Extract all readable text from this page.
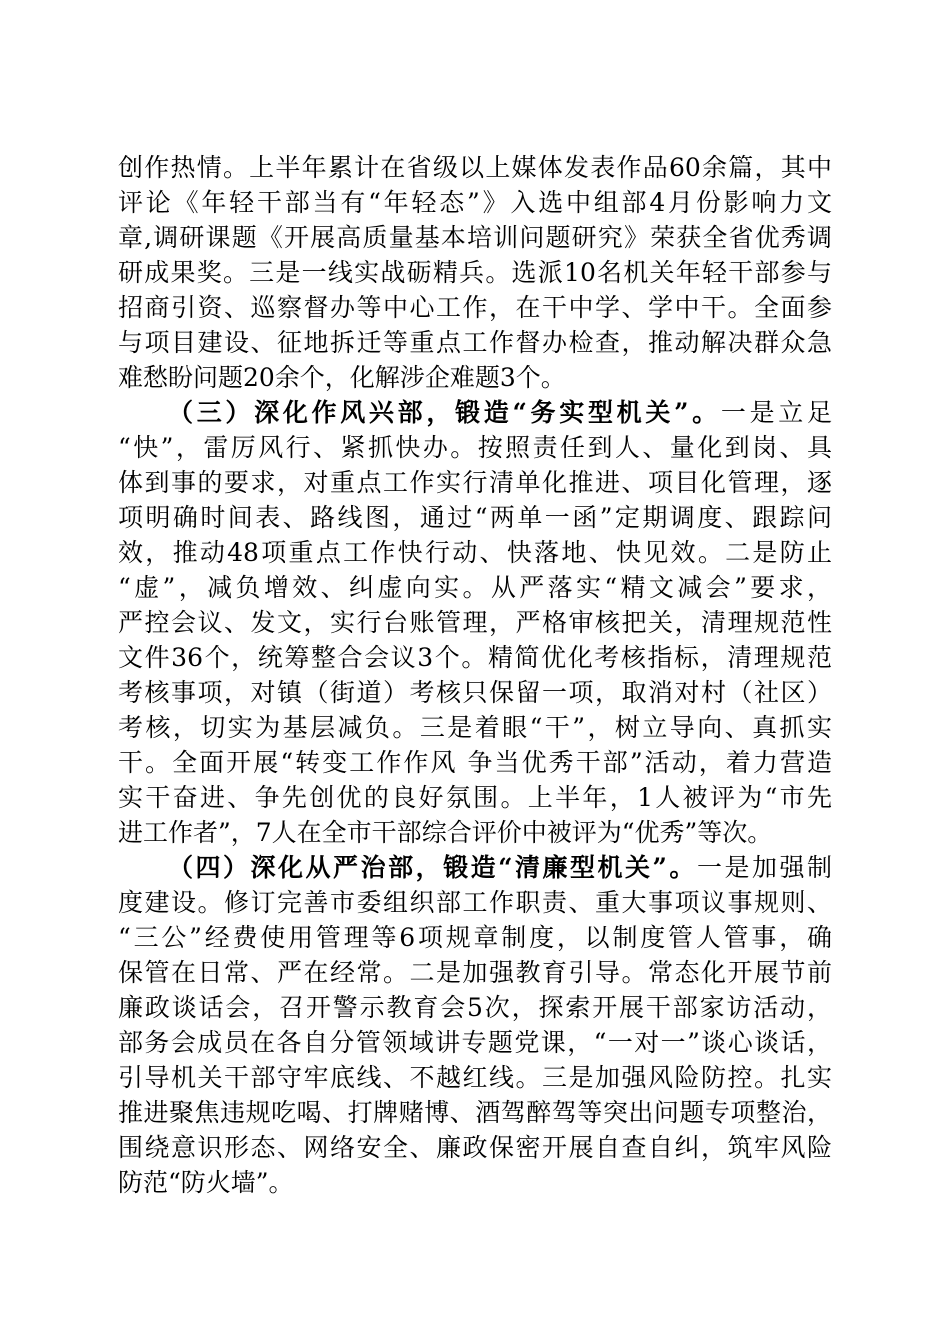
创作热情。上半年累计在省级以上媒体发表作品60余篇，其中
评论《年轻干部当有“年轻态”》入选中组部4月份影响力文
章,调研课题《开展高质量基本培训问题研究》荣获全省优秀调
研成果奖。三是一线实战砺精兵。选派10名机关年轻干部参与
招商引资、巡察督办等中心工作，在干中学、学中干。全面参
与项目建设、征地拆迁等重点工作督办检查，推动解决群众急
难愁盼问题20余个，化解涉企难题3个。
（三）深化作风兴部，锻造“务实型机关”。一是立足
“快”，雷厉风行、紧抓快办。按照责任到人、量化到岗、具
体到事的要求，对重点工作实行清单化推进、项目化管理，逐
项明确时间表、路线图，通过“两单一函”定期调度、跟踪问
效，推动48项重点工作快行动、快落地、快见效。二是防止
“虚”，减负增效、纠虚向实。从严落实“精文减会”要求，
严控会议、发文，实行台账管理，严格审核把关，清理规范性
文件36个，统筹整合会议3个。精简优化考核指标，清理规范
考核事项，对镇（街道）考核只保留一项，取消对村（社区）
考核，切实为基层减负。三是着眼“干”，树立导向、真抓实
干。全面开展“转变工作作风 争当优秀干部”活动，着力营造
实干奋进、争先创优的良好氛围。上半年，1人被评为“市先
进工作者”，7人在全市干部综合评价中被评为“优秀”等次。
（四）深化从严治部，锻造“清廉型机关”。一是加强制
度建设。修订完善市委组织部工作职责、重大事项议事规则、
“三公”经费使用管理等6项规章制度，以制度管人管事，确
保管在日常、严在经常。二是加强教育引导。常态化开展节前
廉政谈话会，召开警示教育会5次，探索开展干部家访活动，
部务会成员在各自分管领域讲专题党课，“一对一”谈心谈话，
引导机关干部守牢底线、不越红线。三是加强风险防控。扎实
推进聚焦违规吃喝、打牌赌博、酒驾醉驾等突出问题专项整治，
围绕意识形态、网络安全、廉政保密开展自查自纠，筑牢风险
防范“防火墙”。
